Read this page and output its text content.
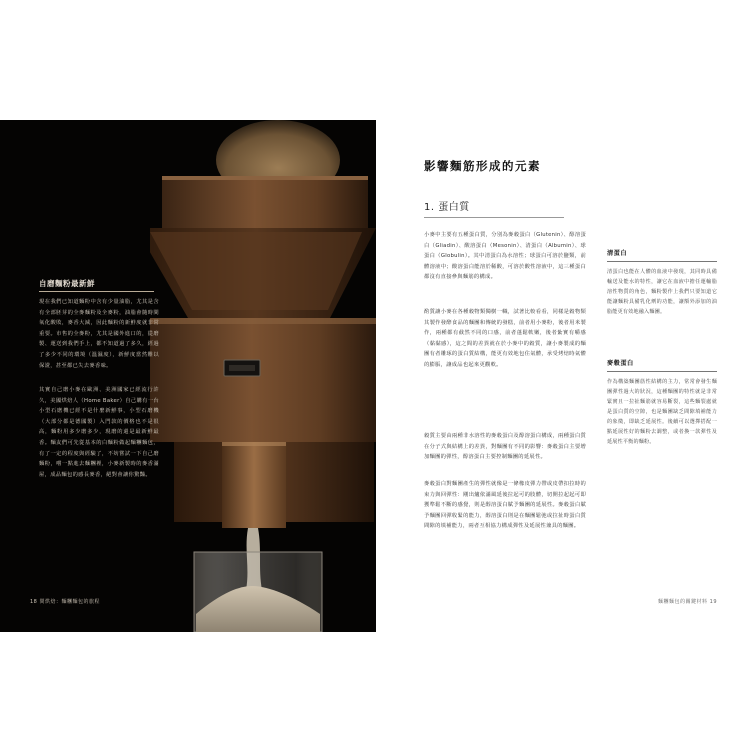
自磨麵粉最新鮮
現在我們已知道麵粉中含有少量油脂，尤其是含有全部胚芽的全麥麵粉及全麥粉，油脂會隨時間氧化酸敗，麥香大減，因此麵粉的新鮮度就非常重要。市售的全麥粉，尤其是國外進口的，從磨製、運送到我們手上，都不知道過了多久，經過了多少不同的環境（溫濕度），新鮮度當然難以保證，甚至都已失去麥香味。
其實自己磨小麥在歐洲、美洲國家已經流行許久，美國烘焙人（Home Baker）自己購有一台小型石磨機已經不是什麼新鮮事，小型石磨機（大部分都是德國製）入門款的價格也不是很高，麵粉用多少磨多少，現磨的還是最新鮮最香。麵友們可先從基本的白麵粉做起麵糰麵包，有了一定的程度與經驗了，不妨嘗試一下自己磨麵粉，嚐一點進去麵糰裡，小麥新製時的麥香滿屋，成品麵包的感長麥香，絕對會讓你驚豔。
18 問烘焙：麵糰麵包的旅程
影響麵筋形成的元素
1. 蛋白質
小麥中主要有五種蛋白質，分別為麥穀蛋白（Glutenin）、醇溶蛋白（Gliadin）、酸溶蛋白（Mesonin）、清蛋白（Albumin）、球蛋白（Globulin）。其中清蛋白為水溶性；球蛋白可溶於鹽類，前體溶液中；酸溶蛋白能溶於稀酸，可溶於酸性溶液中，這三種蛋白都沒有直接參與麵筋的構成。
酌質讓小麥在各種穀物類獨樹一幟，試著比較看看，同樣是穀物類其製作發酵食品的麵團和傳統的發糕，前者用小麥粉，後者用米製作，兩種都有截然不同的口感，前者蓬鬆軟嫩，後者紮實有嚼感（黏黏感），這之間的差異就在於小麥中的穀質，讓小麥製成的麵團有者雕琢的蛋白質結構，能更有效地包住氣體，承受烤焙時氣體的膨脹，讓成品也起來更觀軟。
穀質主要由兩種非水溶性的麥穀蛋白及醇溶蛋白構成，兩種蛋白質在分子式與結構上的差異，對麵團有不同的影響：麥穀蛋白主要增加麵團的彈性，醇溶蛋白主要控制麵團的延展性。
麥穀蛋白對麵團產生的彈性就像是一條橡皮彈力帶或皮帶扣拉時的束力與回彈性：剛出爐依滿風延後拉起可的肢體，切開拉起起可即獲準鬆不斷的感覺，則是醇溶蛋白賦予麵團的延展性。麥穀蛋白賦予麵團回彈收緊的能力，醇溶蛋白則是在麵團鬆弛或拉扯時蛋白質間隙的填補能力，兩者互相協力構成彈性及延展性兼具的麵團。
清蛋白
清蛋白也能在人體的血液中發現，其同時具備輸送及能水的特性，讓它在血液中擔任運輸脂溶性物質的角色，麵粉製作上我們只要知道它能讓麵粉具備乳化劑的功能，讓額外添加的油脂能更有效地融入麵團。
麥穀蛋白
作為構築麵團筋性結構的主力，常常會發生麵團彈性過大的狀況，這種麵團的特性就是非常緊實且一拉扯麵筋就容易斷裂，這些麵裂處就是蛋白質的空隙，也是麵團缺乏間隙填補能力的象徵，即缺乏延展性。後續可以選擇搭配一點延展性好的麵粉去調整，或者換一款彈性及延展性平衡的麵粉。
麵糰麵包的關鍵材料 19
